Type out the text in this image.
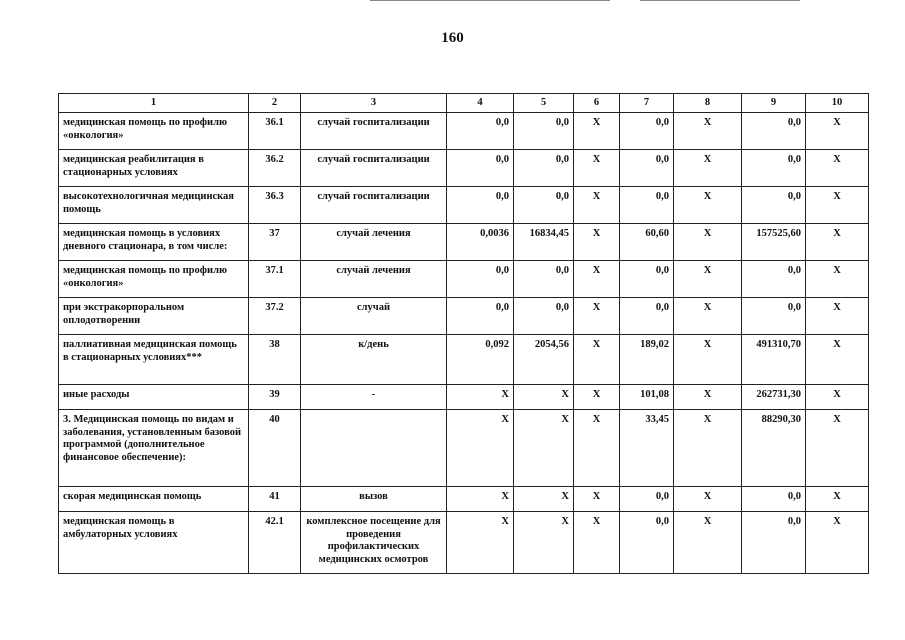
160
1	2	3	4	5	6	7	8	9	10
медицинская помощь по профилю «онкология»	36.1	случай госпитализации	0,0	0,0	X	0,0	X	0,0	X
медицинская реабилитация в стационарных условиях	36.2	случай госпитализации	0,0	0,0	X	0,0	X	0,0	X
высокотехнологичная медицинская помощь	36.3	случай госпитализации	0,0	0,0	X	0,0	X	0,0	X
медицинская помощь в условиях дневного стационара, в том числе:	37	случай лечения	0,0036	16834,45	X	60,60	X	157525,60	X
медицинская помощь по профилю «онкология»	37.1	случай лечения	0,0	0,0	X	0,0	X	0,0	X
при экстракорпоральном оплодотворении	37.2	случай	0,0	0,0	X	0,0	X	0,0	X
паллиативная медицинская помощь в стационарных условиях***	38	к/день	0,092	2054,56	X	189,02	X	491310,70	X
иные расходы	39	-	X	X	X	101,08	X	262731,30	X
3. Медицинская помощь по видам и заболевания, установленным базовой программой (дополнительное финансовое обеспечение):	40		X	X	X	33,45	X	88290,30	X
скорая медицинская помощь	41	вызов	X	X	X	0,0	X	0,0	X
медицинская помощь в амбулаторных условиях	42.1	комплексное посещение для проведения профилактических медицинских осмотров	X	X	X	0,0	X	0,0	X
